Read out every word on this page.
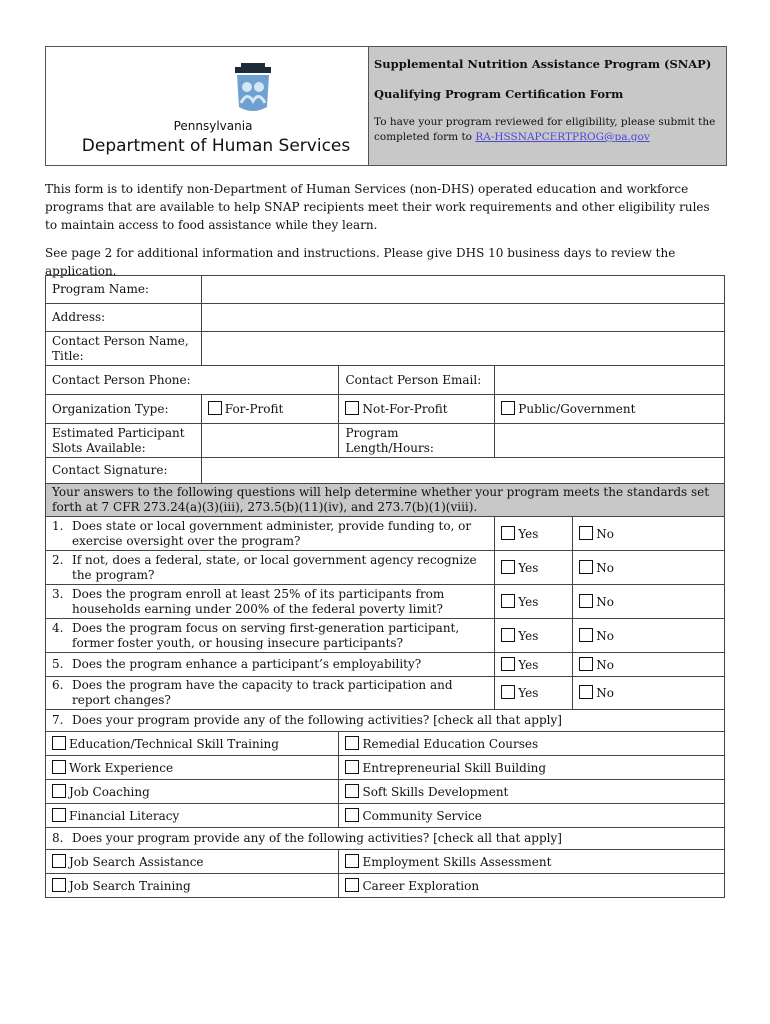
Pennsylvania
Department of Human Services
Supplemental Nutrition Assistance Program (SNAP)
Qualifying Program Certification Form
To have your program reviewed for eligibility, please submit the completed form to RA-HSSNAPCERTPROG@pa.gov

This form is to identify non-Department of Human Services (non-DHS) operated education and workforce programs that are available to help SNAP recipients meet their work requirements and other eligibility rules to maintain access to food assistance while they learn.

See page 2 for additional information and instructions. Please give DHS 10 business days to review the application.

Program Name:				
Address:				
Contact Person Name, Title:				
Contact Person Phone:		Contact Person Email:		
Organization Type:	For-Profit	Not-For-Profit	Public/Government	
Estimated Participant Slots Available:		Program Length/Hours:		
Contact Signature:				
Your answers to the following questions will help determine whether your program meets the standards set forth at 7 CFR 273.24(a)(3)(iii), 273.5(b)(11)(iv), and 273.7(b)(1)(viii).				

1. Does state or local government administer, provide funding to, or exercise oversight over the program?			Yes	No

2. If not, does a federal, state, or local government agency recognize the program?			Yes	No

3. Does the program enroll at least 25% of its participants from households earning under 200% of the federal poverty limit?			Yes	No

4. Does the program focus on serving first-generation participant, former foster youth, or housing insecure participants?			Yes	No

5. Does the program enhance a participant’s employability?			Yes	No

6. Does the program have the capacity to track participation and report changes?			Yes	No

7. Does your program provide any of the following activities? [check all that apply]				

Education/Technical Skill Training		Remedial Education Courses		
Work Experience		Entrepreneurial Skill Building		
Job Coaching		Soft Skills Development		
Financial Literacy		Community Service		

8. Does your program provide any of the following activities? [check all that apply]				

Job Search Assistance		Employment Skills Assessment		
Job Search Training		Career Exploration		
